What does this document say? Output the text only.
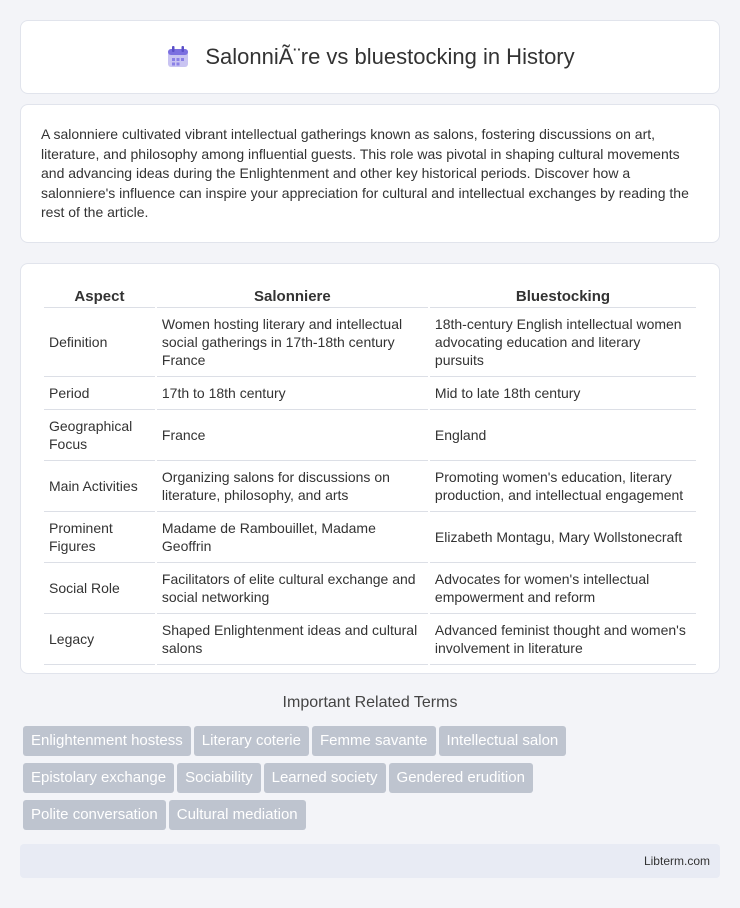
SalonniÃ¨re vs bluestocking in History

A salonniere cultivated vibrant intellectual gatherings known as salons, fostering discussions on art, literature, and philosophy among influential guests. This role was pivotal in shaping cultural movements and advancing ideas during the Enlightenment and other key historical periods. Discover how a salonniere's influence can inspire your appreciation for cultural and intellectual exchanges by reading the rest of the article.

Aspect	Salonniere	Bluestocking
Definition	Women hosting literary and intellectual social gatherings in 17th-18th century France	18th-century English intellectual women advocating education and literary pursuits
Period	17th to 18th century	Mid to late 18th century
Geographical Focus	France	England
Main Activities	Organizing salons for discussions on literature, philosophy, and arts	Promoting women's education, literary production, and intellectual engagement
Prominent Figures	Madame de Rambouillet, Madame Geoffrin	Elizabeth Montagu, Mary Wollstonecraft
Social Role	Facilitators of elite cultural exchange and social networking	Advocates for women's intellectual empowerment and reform
Legacy	Shaped Enlightenment ideas and cultural salons	Advanced feminist thought and women's involvement in literature
Important Related Terms
Enlightenment hostess Literary coterie Femme savante Intellectual salon
Epistolary exchange Sociability Learned society Gendered erudition
Polite conversation Cultural mediation
Libterm.com
